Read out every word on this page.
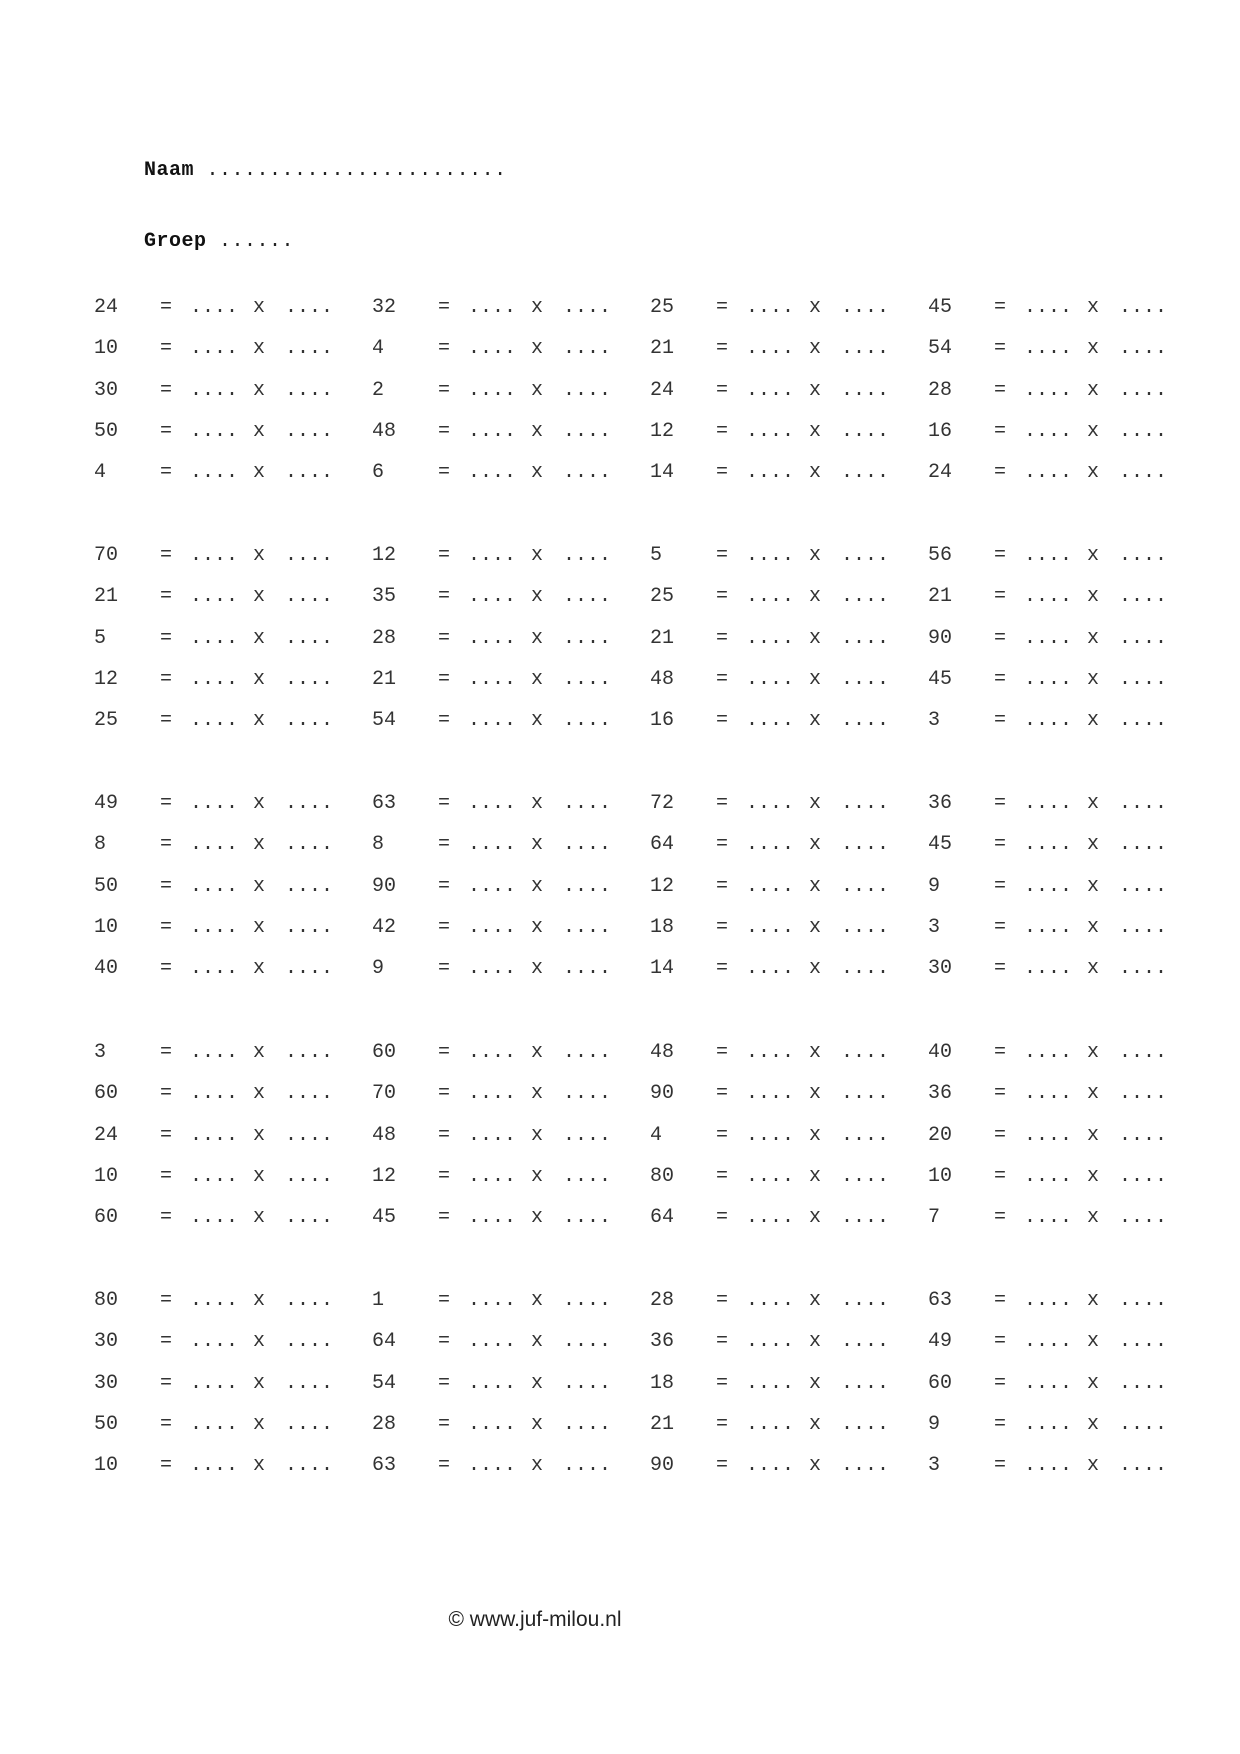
Naam ........................

Groep ......

24 = .... x .... 32 = .... x .... 25 = .... x .... 45 = .... x ....
10 = .... x .... 4	= .... x .... 21 = .... x .... 54 = .... x ....
30 = .... x .... 2	= .... x .... 24 = .... x .... 28 = .... x ....
50 = .... x .... 48 = .... x .... 12 = .... x .... 16 = .... x ....
4	= .... x .... 6	= .... x .... 14 = .... x .... 24 = .... x ....
70 = .... x .... 12 = .... x .... 5	= .... x .... 56 = .... x ....
21 = .... x .... 35 = .... x .... 25 = .... x .... 21 = .... x ....
5	= .... x .... 28 = .... x .... 21 = .... x .... 90 = .... x ....
12 = .... x .... 21 = .... x .... 48 = .... x .... 45 = .... x ....
25 = .... x .... 54 = .... x .... 16 = .... x .... 3	= .... x ....
49 = .... x .... 63 = .... x .... 72 = .... x .... 36 = .... x ....
8	= .... x .... 8	= .... x .... 64 = .... x .... 45 = .... x ....
50 = .... x .... 90 = .... x .... 12 = .... x .... 9	= .... x ....
10 = .... x .... 42 = .... x .... 18 = .... x .... 3	= .... x ....
40 = .... x .... 9	= .... x .... 14 = .... x .... 30 = .... x ....
3	= .... x .... 60 = .... x .... 48 = .... x .... 40 = .... x ....
60 = .... x .... 70 = .... x .... 90 = .... x .... 36 = .... x ....
24 = .... x .... 48 = .... x .... 4	= .... x .... 20 = .... x ....
10 = .... x .... 12 = .... x .... 80 = .... x .... 10 = .... x ....
60 = .... x .... 45 = .... x .... 64 = .... x .... 7	= .... x ....
80 = .... x .... 1	= .... x .... 28 = .... x .... 63 = .... x ....
30 = .... x .... 64 = .... x .... 36 = .... x .... 49 = .... x ....
30 = .... x .... 54 = .... x .... 18 = .... x .... 60 = .... x ....
50 = .... x .... 28 = .... x .... 21 = .... x .... 9	= .... x ....
10 = .... x .... 63 = .... x .... 90 = .... x .... 3	= .... x ....
© www.juf-milou.nl
